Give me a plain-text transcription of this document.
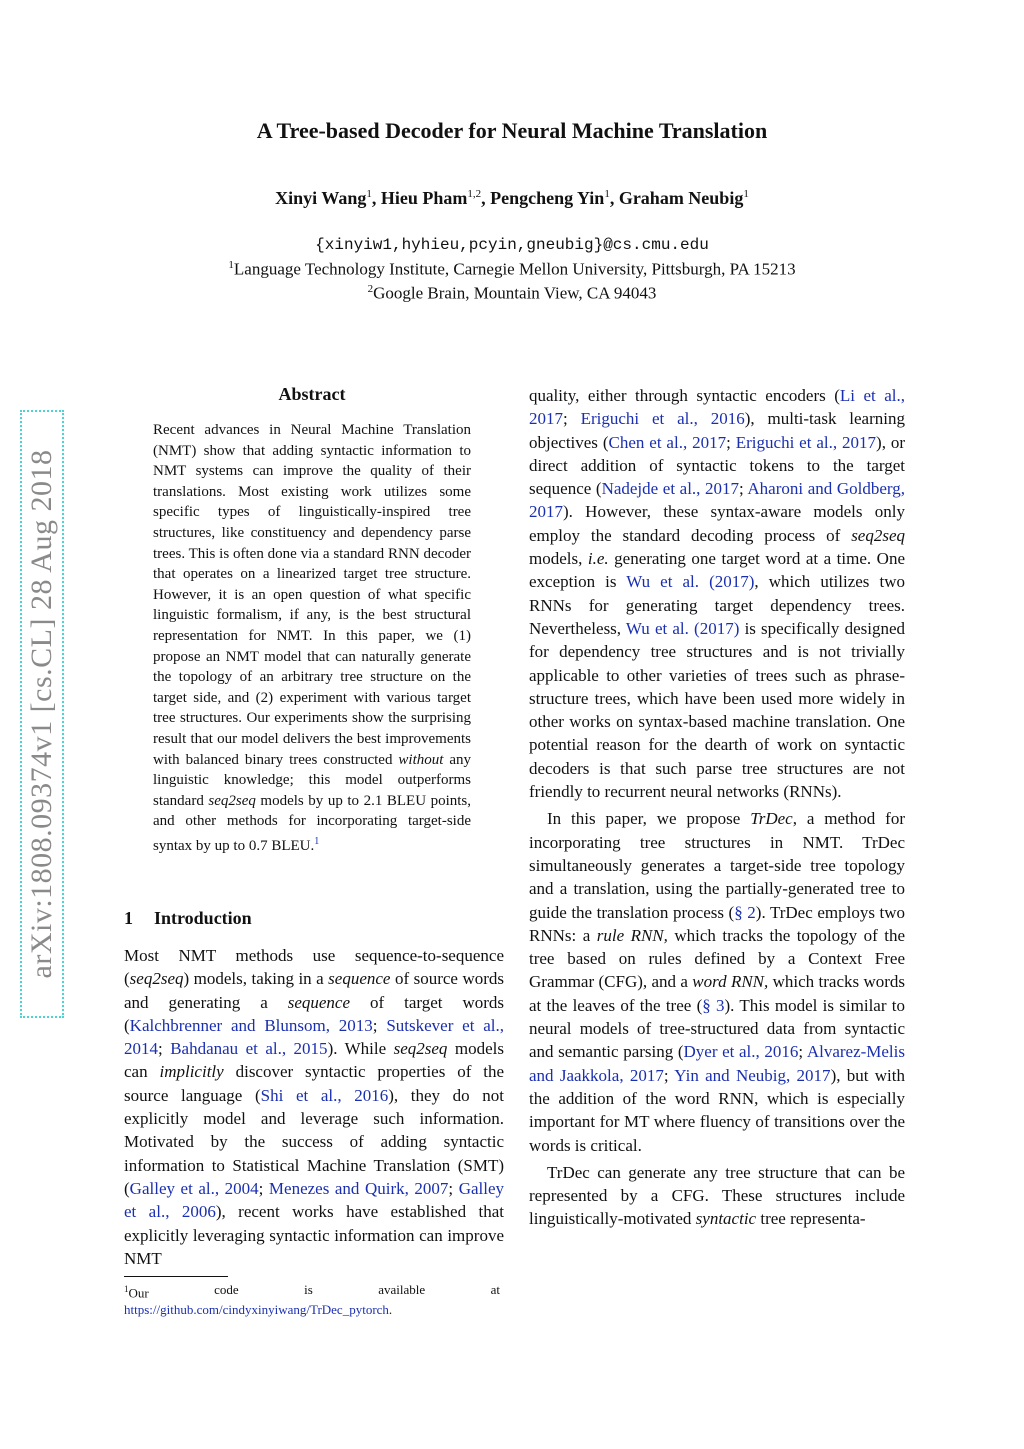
A Tree-based Decoder for Neural Machine Translation
Xinyi Wang$^1$, Hieu Pham$^{1,2}$, Pengcheng Yin$^1$, Graham Neubig$^1$
{xinyiw1,hyhieu,pcyin,gneubig}@cs.cmu.edu
$^1$Language Technology Institute, Carnegie Mellon University, Pittsburgh, PA 15213
$^2$Google Brain, Mountain View, CA 94043
arXiv:1808.09374v1 [cs.CL] 28 Aug 2018
Abstract
Recent advances in Neural Machine Translation (NMT) show that adding syntactic information to NMT systems can improve the quality of their translations. Most existing work utilizes some specific types of linguistically-inspired tree structures, like constituency and dependency parse trees. This is often done via a standard RNN decoder that operates on a linearized target tree structure. However, it is an open question of what specific linguistic formalism, if any, is the best structural representation for NMT. In this paper, we (1) propose an NMT model that can naturally generate the topology of an arbitrary tree structure on the target side, and (2) experiment with various target tree structures. Our experiments show the surprising result that our model delivers the best improvements with balanced binary trees constructed without any linguistic knowledge; this model outperforms standard seq2seq models by up to 2.1 BLEU points, and other methods for incorporating target-side syntax by up to 0.7 BLEU.$^1$
1 Introduction

Most NMT methods use sequence-to-sequence (seq2seq) models, taking in a sequence of source words and generating a sequence of target words (Kalchbrenner and Blunsom, 2013; Sutskever et al., 2014; Bahdanau et al., 2015). While seq2seq models can implicitly discover syntactic properties of the source language (Shi et al., 2016), they do not explicitly model and leverage such information. Motivated by the success of adding syntactic information to Statistical Machine Translation (SMT) (Galley et al., 2004; Menezes and Quirk, 2007; Galley et al., 2006), recent works have established that explicitly leveraging syntactic information can improve NMT

$^1$Our	code	is	available	at
https://github.com/cindyxinyiwang/TrDec_pytorch.

quality, either through syntactic encoders (Li et al., 2017; Eriguchi et al., 2016), multi-task learning objectives (Chen et al., 2017; Eriguchi et al., 2017), or direct addition of syntactic tokens to the target sequence (Nadejde et al., 2017; Aharoni and Goldberg, 2017). However, these syntax-aware models only employ the standard decoding process of seq2seq models, i.e. generating one target word at a time. One exception is Wu et al. (2017), which utilizes two RNNs for generating target dependency trees. Nevertheless, Wu et al. (2017) is specifically designed for dependency tree structures and is not trivially applicable to other varieties of trees such as phrase-structure trees, which have been used more widely in other works on syntax-based machine translation. One potential reason for the dearth of work on syntactic decoders is that such parse tree structures are not friendly to recurrent neural networks (RNNs).

In this paper, we propose TrDec, a method for incorporating tree structures in NMT. TrDec simultaneously generates a target-side tree topology and a translation, using the partially-generated tree to guide the translation process (§ 2). TrDec employs two RNNs: a rule RNN, which tracks the topology of the tree based on rules defined by a Context Free Grammar (CFG), and a word RNN, which tracks words at the leaves of the tree (§ 3). This model is similar to neural models of tree-structured data from syntactic and semantic parsing (Dyer et al., 2016; Alvarez-Melis and Jaakkola, 2017; Yin and Neubig, 2017), but with the addition of the word RNN, which is especially important for MT where fluency of transitions over the words is critical.

TrDec can generate any tree structure that can be represented by a CFG. These structures include linguistically-motivated syntactic tree representa-
